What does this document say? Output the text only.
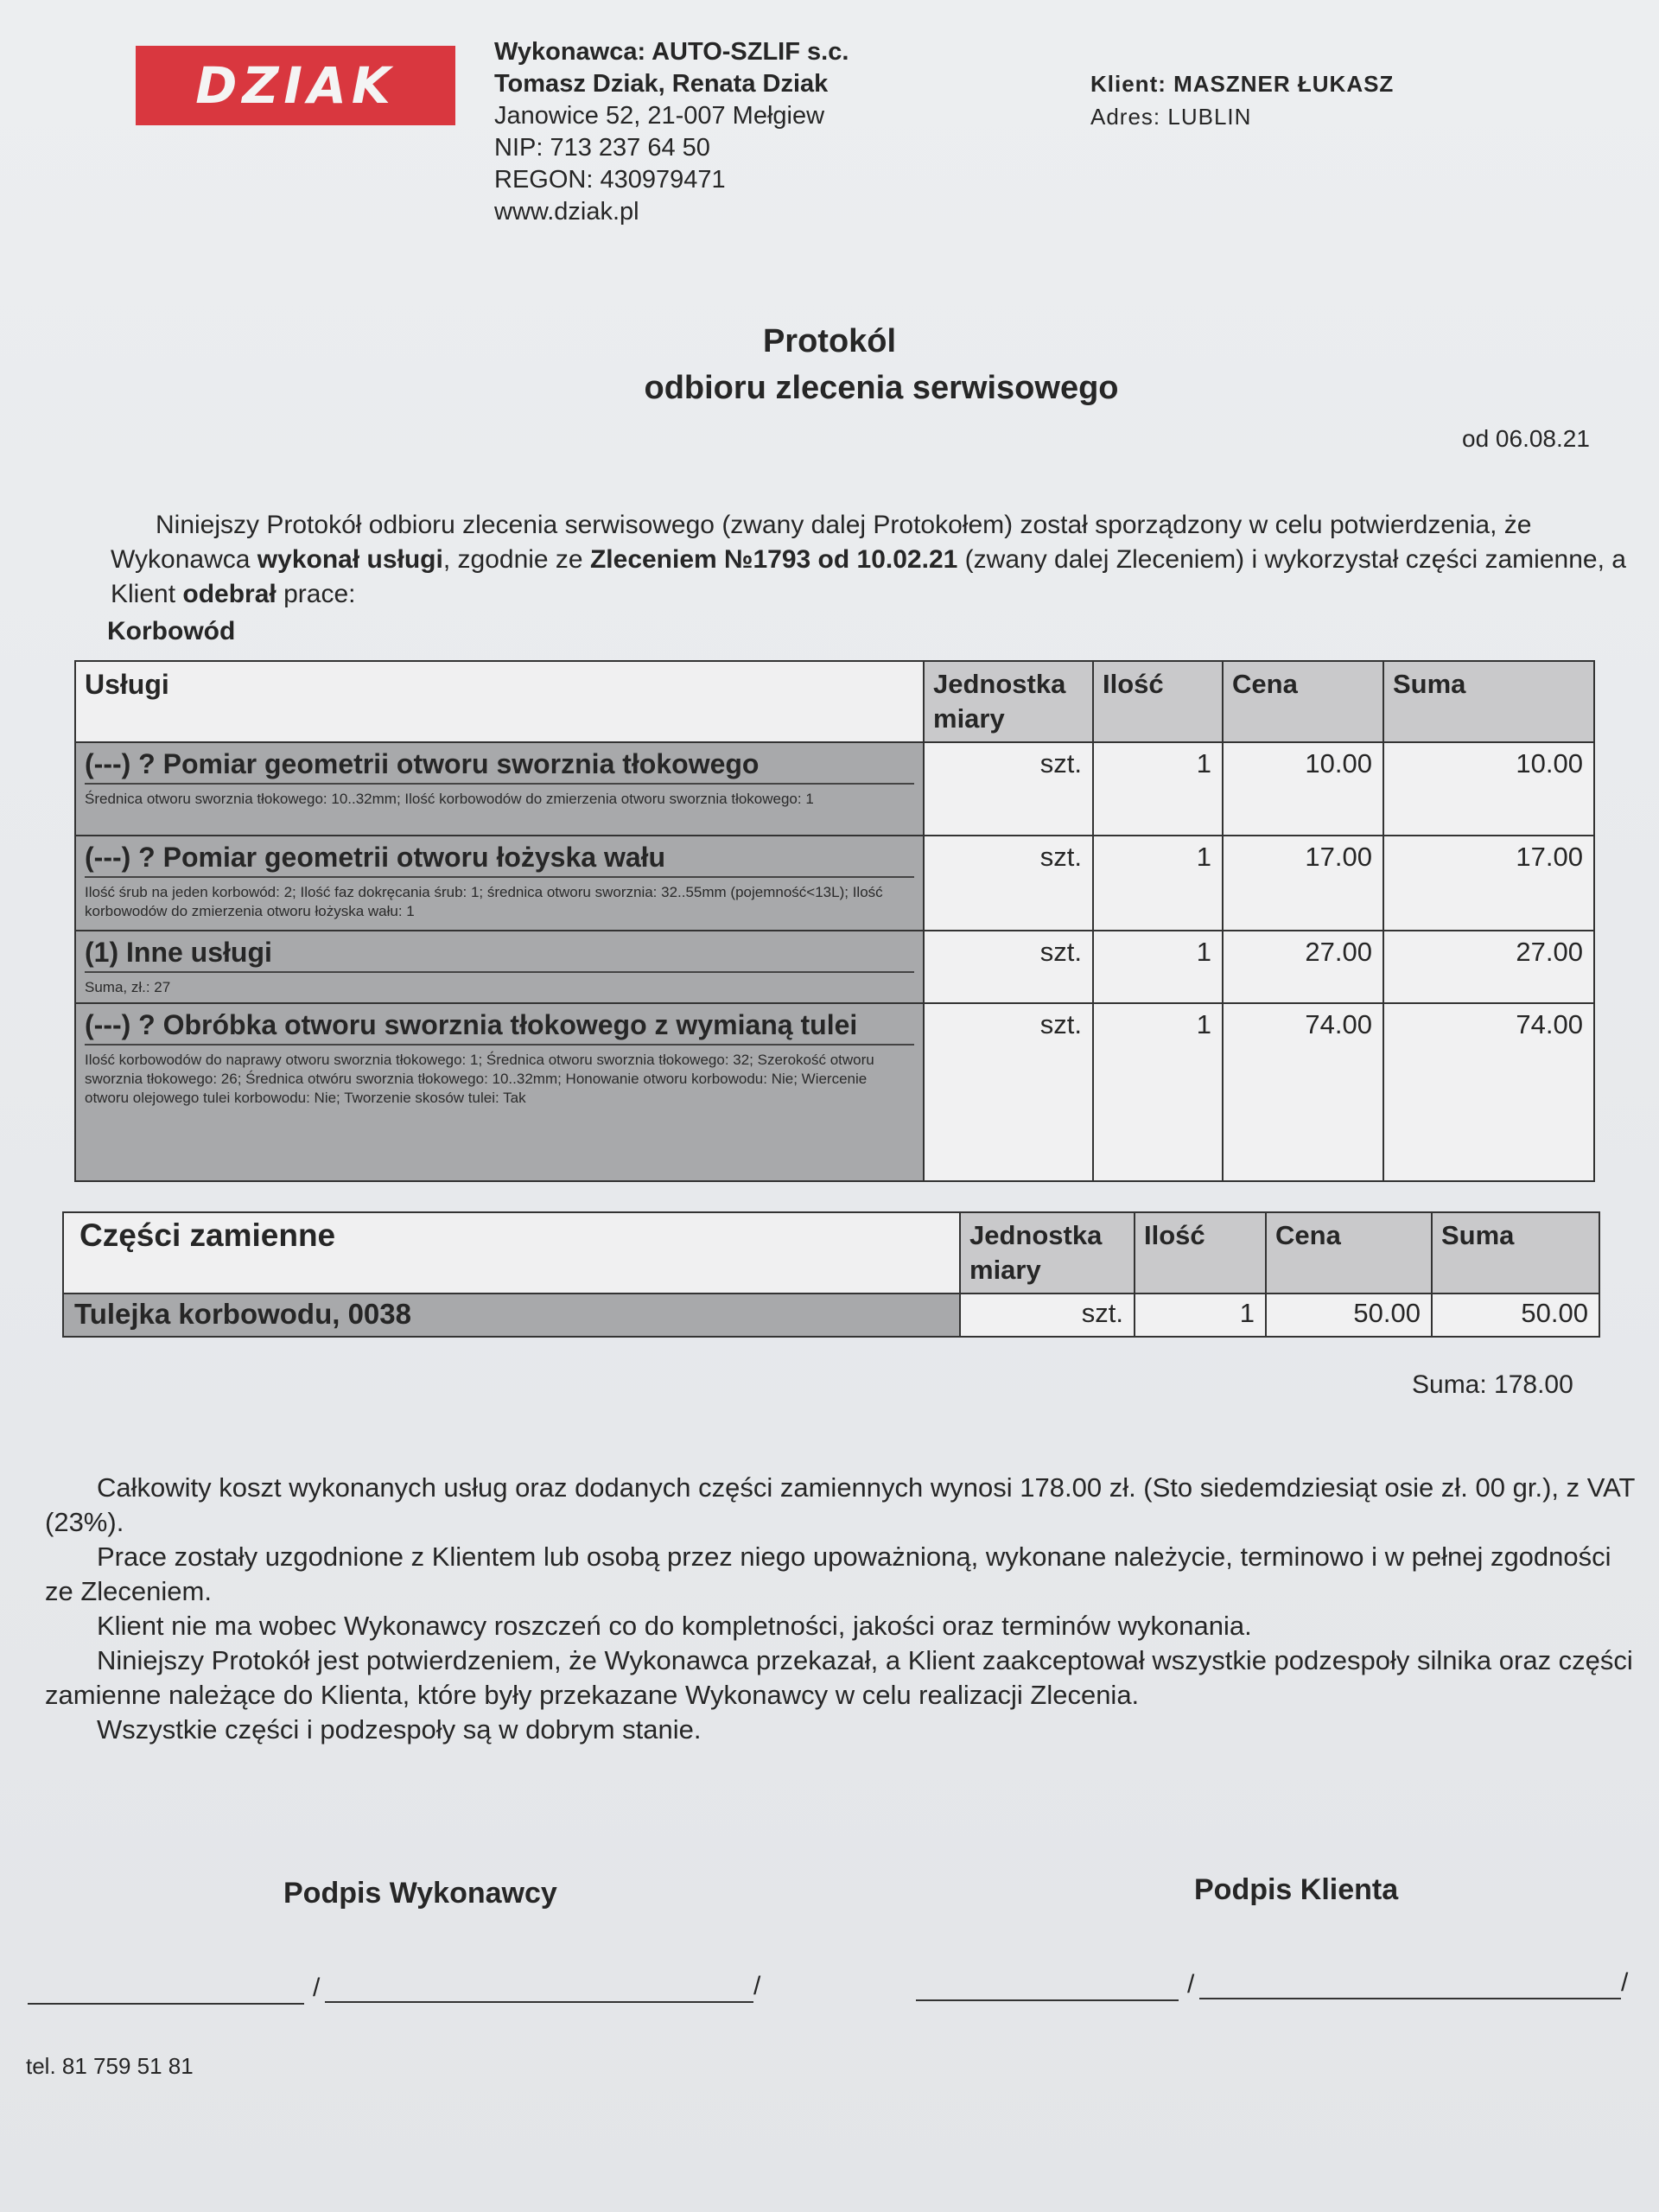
DZIAK
Wykonawca: AUTO-SZLIF s.c.
Tomasz Dziak, Renata Dziak
Janowice 52, 21-007 Mełgiew
NIP: 713 237 64 50
REGON: 430979471
www.dziak.pl
Klient: MASZNER ŁUKASZ
Adres: LUBLIN
Protokól
odbioru zlecenia serwisowego
od 06.08.21
Niniejszy Protokół odbioru zlecenia serwisowego (zwany dalej Protokołem) został sporządzony w celu potwierdzenia, że Wykonawca wykonał usługi, zgodnie ze Zleceniem №1793 od 10.02.21 (zwany dalej Zleceniem) i wykorzystał części zamienne, a Klient odebrał prace:
Korbowód
Usługi	Jednostka miary	Ilość	Cena	Suma

(---) ? Pomiar geometrii otworu sworznia tłokowego
Średnica otworu sworznia tłokowego: 10..32mm; Ilość korbowodów do zmierzenia otworu sworznia tłokowego: 1	szt.	1	10.00	10.00

(---) ? Pomiar geometrii otworu łożyska wału
Ilość śrub na jeden korbowód: 2; Ilość faz dokręcania śrub: 1; średnica otworu sworznia: 32..55mm (pojemność<13L); Ilość korbowodów do zmierzenia otworu łożyska wału: 1	szt.	1	17.00	17.00

(1) Inne usługi
Suma, zł.: 27	szt.	1	27.00	27.00

(---) ? Obróbka otworu sworznia tłokowego z wymianą tulei
Ilość korbowodów do naprawy otworu sworznia tłokowego: 1; Średnica otworu sworznia tłokowego: 32; Szerokość otworu sworznia tłokowego: 26; Średnica otwóru sworznia tłokowego: 10..32mm; Honowanie otworu korbowodu: Nie; Wiercenie otworu olejowego tulei korbowodu: Nie; Tworzenie skosów tulei: Tak	szt.	1	74.00	74.00
Części zamienne	Jednostka miary	Ilość	Cena	Suma
Tulejka korbowodu, 0038	szt.	1	50.00	50.00
Suma: 178.00

Całkowity koszt wykonanych usług oraz dodanych części zamiennych wynosi 178.00 zł. (Sto siedemdziesiąt osie zł. 00 gr.), z VAT (23%).

Prace zostały uzgodnione z Klientem lub osobą przez niego upoważnioną, wykonane należycie, terminowo i w pełnej zgodności ze Zleceniem.

Klient nie ma wobec Wykonawcy roszczeń co do kompletności, jakości oraz terminów wykonania.

Niniejszy Protokół jest potwierdzeniem, że Wykonawca przekazał, a Klient zaakceptował wszystkie podzespoły silnika oraz części zamienne należące do Klienta, które były przekazane Wykonawcy w celu realizacji Zlecenia.

Wszystkie części i podzespoły są w dobrym stanie.

Podpis Wykonawcy	Podpis Klienta
/	/	/	/
tel. 81 759 51 81
